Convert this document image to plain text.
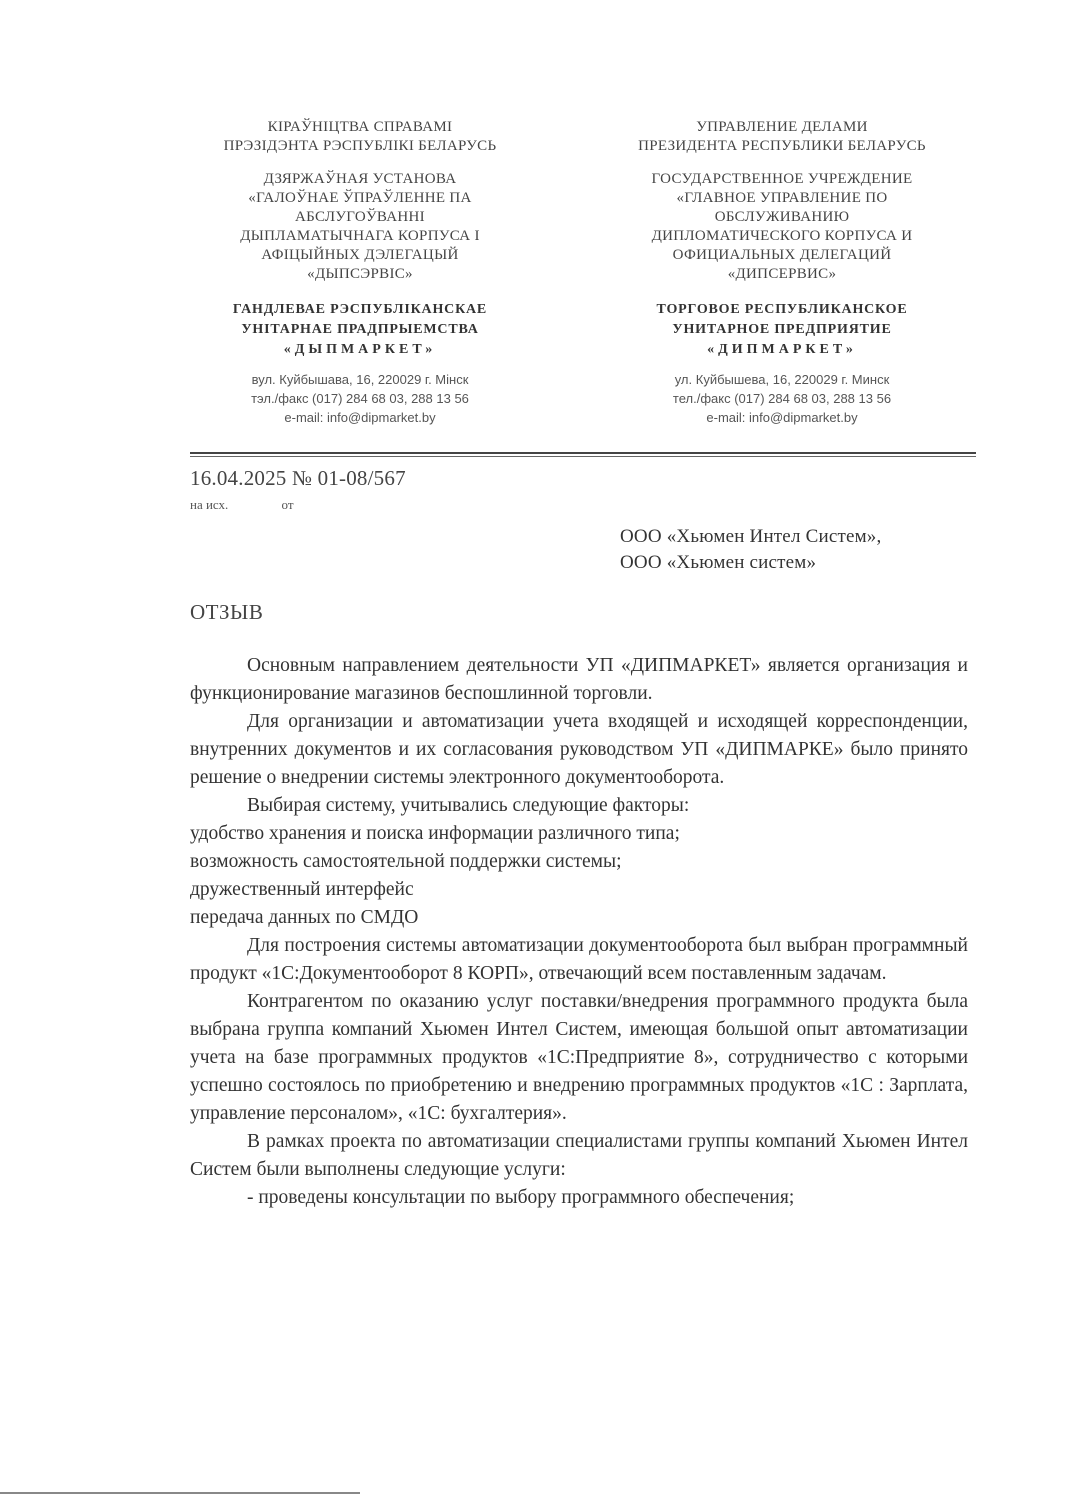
КІРАЎНІЦТВА СПРАВАМІ

ПРЭЗІДЭНТА РЭСПУБЛІКІ БЕЛАРУСЬ

ДЗЯРЖАЎНАЯ УСТАНОВА

«ГАЛОЎНАЕ ЎПРАЎЛЕННЕ ПА

АБСЛУГОЎВАННІ

ДЫПЛАМАТЫЧНАГА КОРПУСА І

АФІЦЫЙНЫХ ДЭЛЕГАЦЫЙ

«ДЫПСЭРВІС»

ГАНДЛЕВАЕ РЭСПУБЛІКАНСКАЕ

УНІТАРНАЕ ПРАДПРЫЕМСТВА

«ДЫПМАРКЕТ»

вул. Куйбышава, 16, 220029 г. Мінск

тэл./факс (017) 284 68 03, 288 13 56

e-mail: info@dipmarket.by

УПРАВЛЕНИЕ ДЕЛАМИ

ПРЕЗИДЕНТА РЕСПУБЛИКИ БЕЛАРУСЬ

ГОСУДАРСТВЕННОЕ УЧРЕЖДЕНИЕ

«ГЛАВНОЕ УПРАВЛЕНИЕ ПО

ОБСЛУЖИВАНИЮ

ДИПЛОМАТИЧЕСКОГО КОРПУСА И

ОФИЦИАЛЬНЫХ ДЕЛЕГАЦИЙ

«ДИПСЕРВИС»

ТОРГОВОЕ РЕСПУБЛИКАНСКОЕ

УНИТАРНОЕ ПРЕДПРИЯТИЕ

«ДИПМАРКЕТ»

ул. Куйбышева, 16, 220029 г. Минск

тел./факс (017) 284 68 03, 288 13 56

e-mail: info@dipmarket.by

16.04.2025 № 01-08/567
на исх.	от

ООО «Хьюмен Интел Систем»,

ООО «Хьюмен систем»

ОТЗЫВ

Основным направлением деятельности УП «ДИПМАРКЕТ» является организация и функционирование магазинов беспошлинной торговли.

Для организации и автоматизации учета входящей и исходящей корреспонденции, внутренних документов и их согласования руководством УП «ДИПМАРКЕ» было принято решение о внедрении системы электронного документооборота.

Выбирая систему, учитывались следующие факторы:

удобство хранения и поиска информации различного типа;

возможность самостоятельной поддержки системы;

дружественный интерфейс

передача данных по СМДО

Для построения системы автоматизации документооборота был выбран программный продукт «1С:Документооборот 8 КОРП», отвечающий всем поставленным задачам.

Контрагентом по оказанию услуг поставки/внедрения программного продукта была выбрана группа компаний Хьюмен Интел Систем, имеющая большой опыт автоматизации учета на базе программных продуктов «1С:Предприятие 8», сотрудничество с которыми успешно состоялось по приобретению и внедрению программных продуктов «1С : Зарплата, управление персоналом», «1С: бухгалтерия».

В рамках проекта по автоматизации специалистами группы компаний Хьюмен Интел Систем были выполнены следующие услуги:

- проведены консультации по выбору программного обеспечения;
